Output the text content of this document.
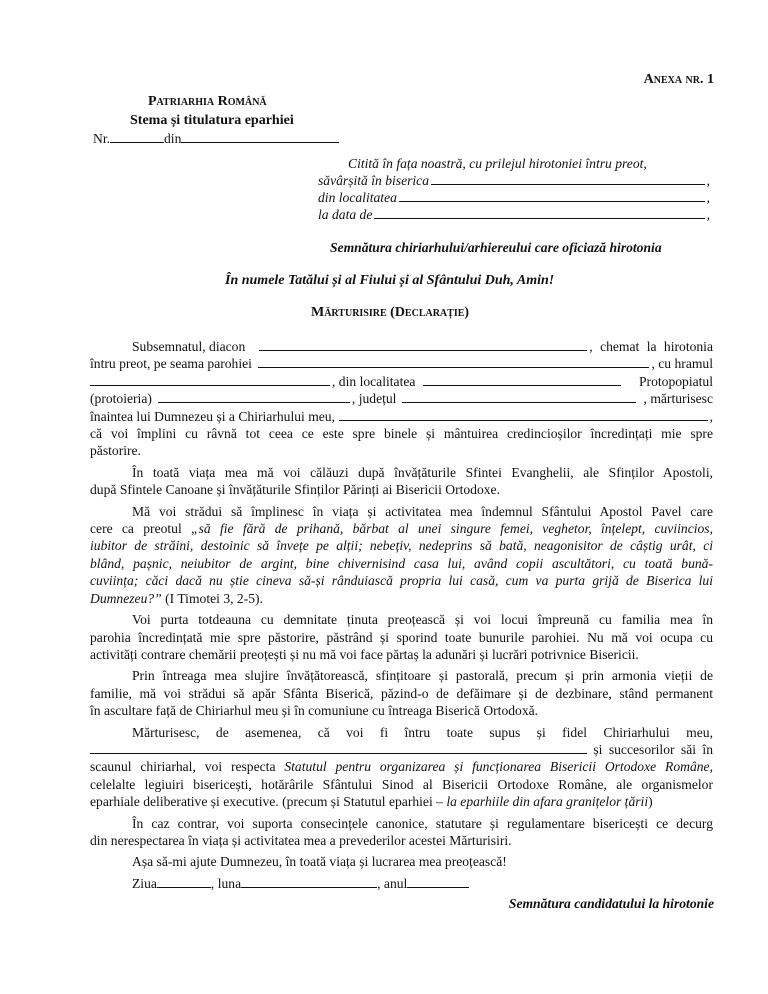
Anexa nr. 1
Patriarhia Română
Stema și titulatura eparhiei
Nr.	din
Citită în fața noastră, cu prilejul hirotoniei întru preot,
săvârșită în biserica	,
din localitatea	,
la data de	,
Semnătura chiriarhului/arhiereului care oficiază hirotonia
În numele Tatălui și al Fiului și al Sfântului Duh, Amin!
Mărturisire (Declarație)
Subsemnatul, diacon	, chemat la hirotonia
întru preot, pe seama parohiei	, cu hramul
, din localitatea	Protopopiatul
(protoieria)	, județul	, mărturisesc
înaintea lui Dumnezeu și a Chiriarhului meu,	,
că voi împlini cu râvnă tot ceea ce este spre binele și mântuirea credincioșilor încredințați mie spre
păstorire.
În toată viața mea mă voi călăuzi după învățăturile Sfintei Evanghelii, ale Sfinților Apostoli,
după Sfintele Canoane și învățăturile Sfinților Părinți ai Bisericii Ortodoxe.
Mă voi strădui să împlinesc în viața și activitatea mea îndemnul Sfântului Apostol Pavel care
cere ca preotul „să fie fără de prihană, bărbat al unei singure femei, veghetor, înțelept, cuviincios,
iubitor de străini, destoinic să învețe pe alții; nebețiv, nedeprins să bată, neagonisitor de câștig urât, ci
blând, pașnic, neiubitor de argint, bine chivernisind casa lui, având copii ascultători, cu toată bună-
cuviința; căci dacă nu știe cineva să-și rânduiască propria lui casă, cum va purta grijă de Biserica lui
Dumnezeu?” (I Timotei 3, 2-5).
Voi purta totdeauna cu demnitate ținuta preoțească și voi locui împreună cu familia mea în
parohia încredințată mie spre păstorire, păstrând și sporind toate bunurile parohiei. Nu mă voi ocupa cu
activități contrare chemării preoțești și nu mă voi face părtaș la adunări și lucrări potrivnice Bisericii.
Prin întreaga mea slujire învățătorească, sfințitoare și pastorală, precum și prin armonia vieții de
familie, mă voi strădui să apăr Sfânta Biserică, păzind-o de defăimare și de dezbinare, stând permanent
în ascultare față de Chiriarhul meu și în comuniune cu întreaga Biserică Ortodoxă.
Mărturisesc, de asemenea, că voi fi întru toate supus și fidel Chiriarhului meu,
și succesorilor săi în
scaunul chiriarhal, voi respecta Statutul pentru organizarea și funcționarea Bisericii Ortodoxe Române,
celelalte legiuiri bisericești, hotărârile Sfântului Sinod al Bisericii Ortodoxe Române, ale organismelor
eparhiale deliberative și executive. (precum și Statutul eparhiei – la eparhiile din afara granițelor țării)
În caz contrar, voi suporta consecințele canonice, statutare și regulamentare bisericești ce decurg
din nerespectarea în viața și activitatea mea a prevederilor acestei Mărturisiri.
Așa să-mi ajute Dumnezeu, în toată viața și lucrarea mea preoțească!
Ziua	, luna	, anul
Semnătura candidatului la hirotonie
